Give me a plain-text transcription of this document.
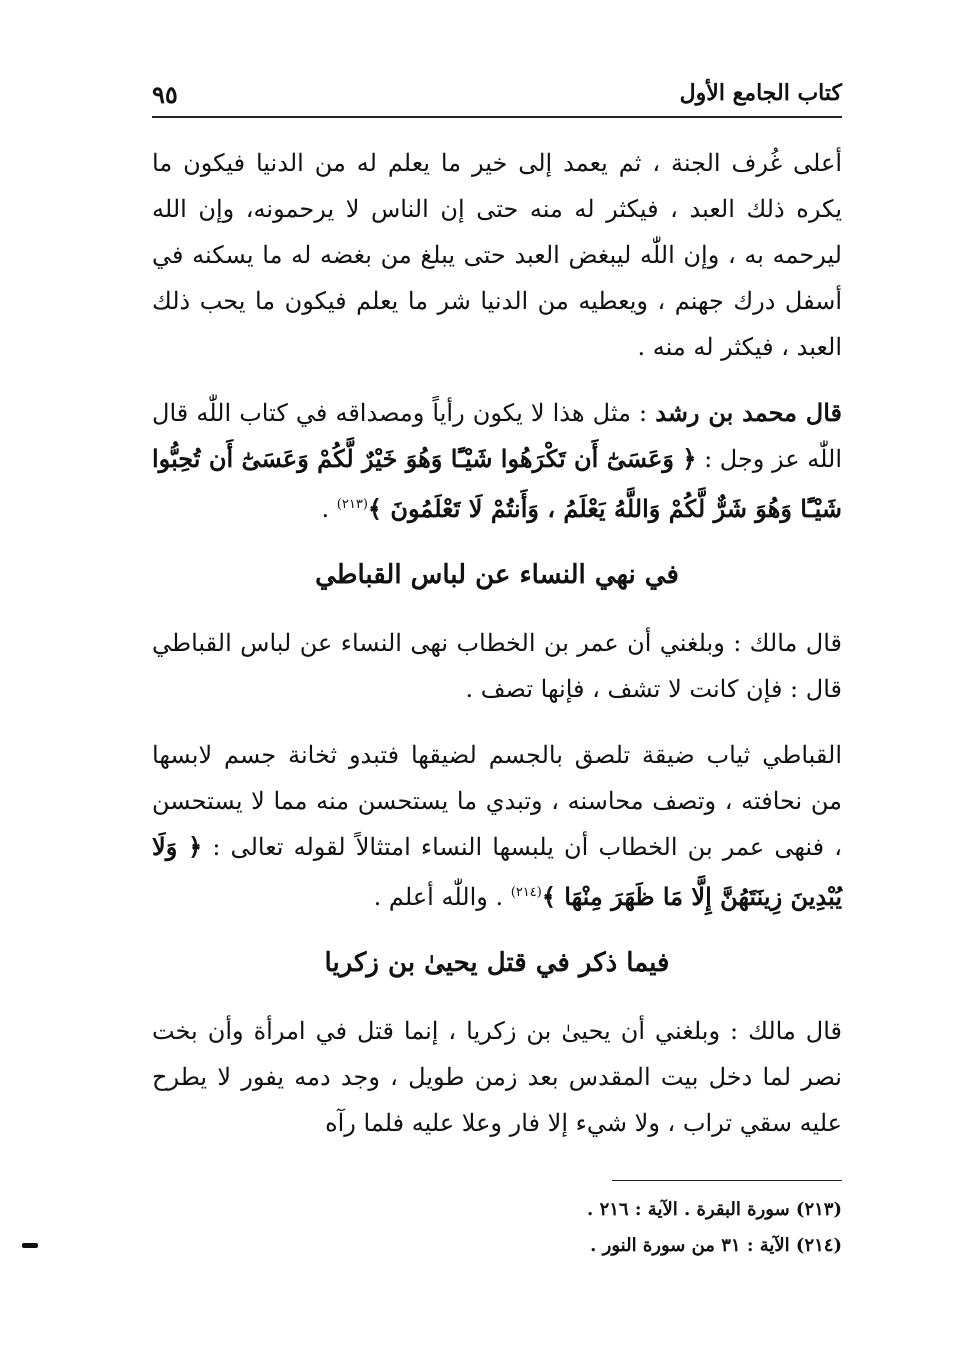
٩٥	كتاب الجامع الأول

أعلى غُرف الجنة ، ثم يعمد إلى خير ما يعلم له من الدنيا فيكون ما يكره ذلك العبد ، فيكثر له منه حتى إن الناس لا يرحمونه، وإن الله ليرحمه به ، وإن اللّٰه ليبغض العبد حتى يبلغ من بغضه له ما يسكنه في أسفل درك جهنم ، ويعطيه من الدنيا شر ما يعلم فيكون ما يحب ذلك العبد ، فيكثر له منه .

قال محمد بن رشد : مثل هذا لا يكون رأياً ومصداقه في كتاب اللّٰه قال اللّٰه عز وجل : ﴿ وَعَسَىٰٓ أَن تَكْرَهُوا شَيْـًٔا وَهُوَ خَيْرٌ لَّكُمْ وَعَسَىٰٓ أَن تُحِبُّوا شَيْـًٔا وَهُوَ شَرٌّ لَّكُمْ وَاللَّهُ يَعْلَمُ ، وَأَنتُمْ لَا تَعْلَمُونَ ﴾$^{(٢١٣)}$ .

في نهي النساء عن لباس القباطي

قال مالك : وبلغني أن عمر بن الخطاب نهى النساء عن لباس القباطي قال : فإن كانت لا تشف ، فإنها تصف .

القباطي ثياب ضيقة تلصق بالجسم لضيقها فتبدو ثخانة جسم لابسها من نحافته ، وتصف محاسنه ، وتبدي ما يستحسن منه مما لا يستحسن ، فنهى عمر بن الخطاب أن يلبسها النساء امتثالاً لقوله تعالى : ﴿ وَلَا يُبْدِينَ زِينَتَهُنَّ إِلَّا مَا ظَهَرَ مِنْهَا ﴾$^{(٢١٤)}$ . واللّٰه أعلم .

فيما ذكر في قتل يحيىٰ بن زكريا

قال مالك : وبلغني أن يحيىٰ بن زكريا ، إنما قتل في امرأة وأن بخت نصر لما دخل بيت المقدس بعد زمن طويل ، وجد دمه يفور لا يطرح عليه سقي تراب ، ولا شيء إلا فار وعلا عليه فلما رآه

(٢١٣) سورة البقرة . الآية : ٢١٦ .

(٢١٤) الآية : ٣١ من سورة النور .
